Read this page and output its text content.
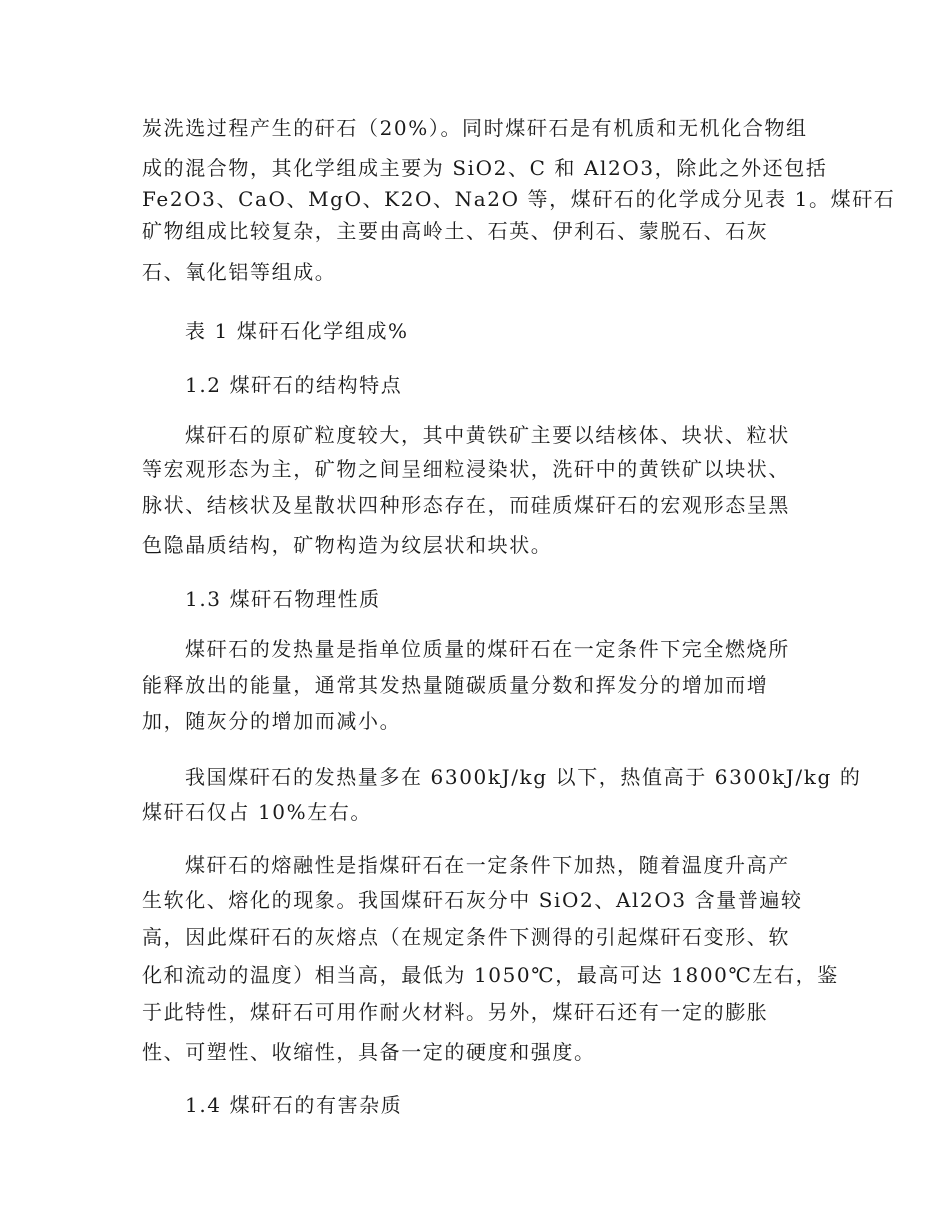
炭洗选过程产生的矸石（20%）。同时煤矸石是有机质和无机化合物组
成的混合物，其化学组成主要为 SiO2、C 和 Al2O3，除此之外还包括
Fe2O3、CaO、MgO、K2O、Na2O 等，煤矸石的化学成分见表 1。煤矸石
矿物组成比较复杂，主要由高岭土、石英、伊利石、蒙脱石、石灰
石、氧化铝等组成。
表 1 煤矸石化学组成%
1.2 煤矸石的结构特点
煤矸石的原矿粒度较大，其中黄铁矿主要以结核体、块状、粒状
等宏观形态为主，矿物之间呈细粒浸染状，洗矸中的黄铁矿以块状、
脉状、结核状及星散状四种形态存在，而硅质煤矸石的宏观形态呈黑
色隐晶质结构，矿物构造为纹层状和块状。
1.3 煤矸石物理性质
煤矸石的发热量是指单位质量的煤矸石在一定条件下完全燃烧所
能释放出的能量，通常其发热量随碳质量分数和挥发分的增加而增
加，随灰分的增加而减小。
我国煤矸石的发热量多在 6300kJ/kg 以下，热值高于 6300kJ/kg 的
煤矸石仅占 10%左右。
煤矸石的熔融性是指煤矸石在一定条件下加热，随着温度升高产
生软化、熔化的现象。我国煤矸石灰分中 SiO2、Al2O3 含量普遍较
高，因此煤矸石的灰熔点（在规定条件下测得的引起煤矸石变形、软
化和流动的温度）相当高，最低为 1050℃，最高可达 1800℃左右，鉴
于此特性，煤矸石可用作耐火材料。另外，煤矸石还有一定的膨胀
性、可塑性、收缩性，具备一定的硬度和强度。
1.4 煤矸石的有害杂质
